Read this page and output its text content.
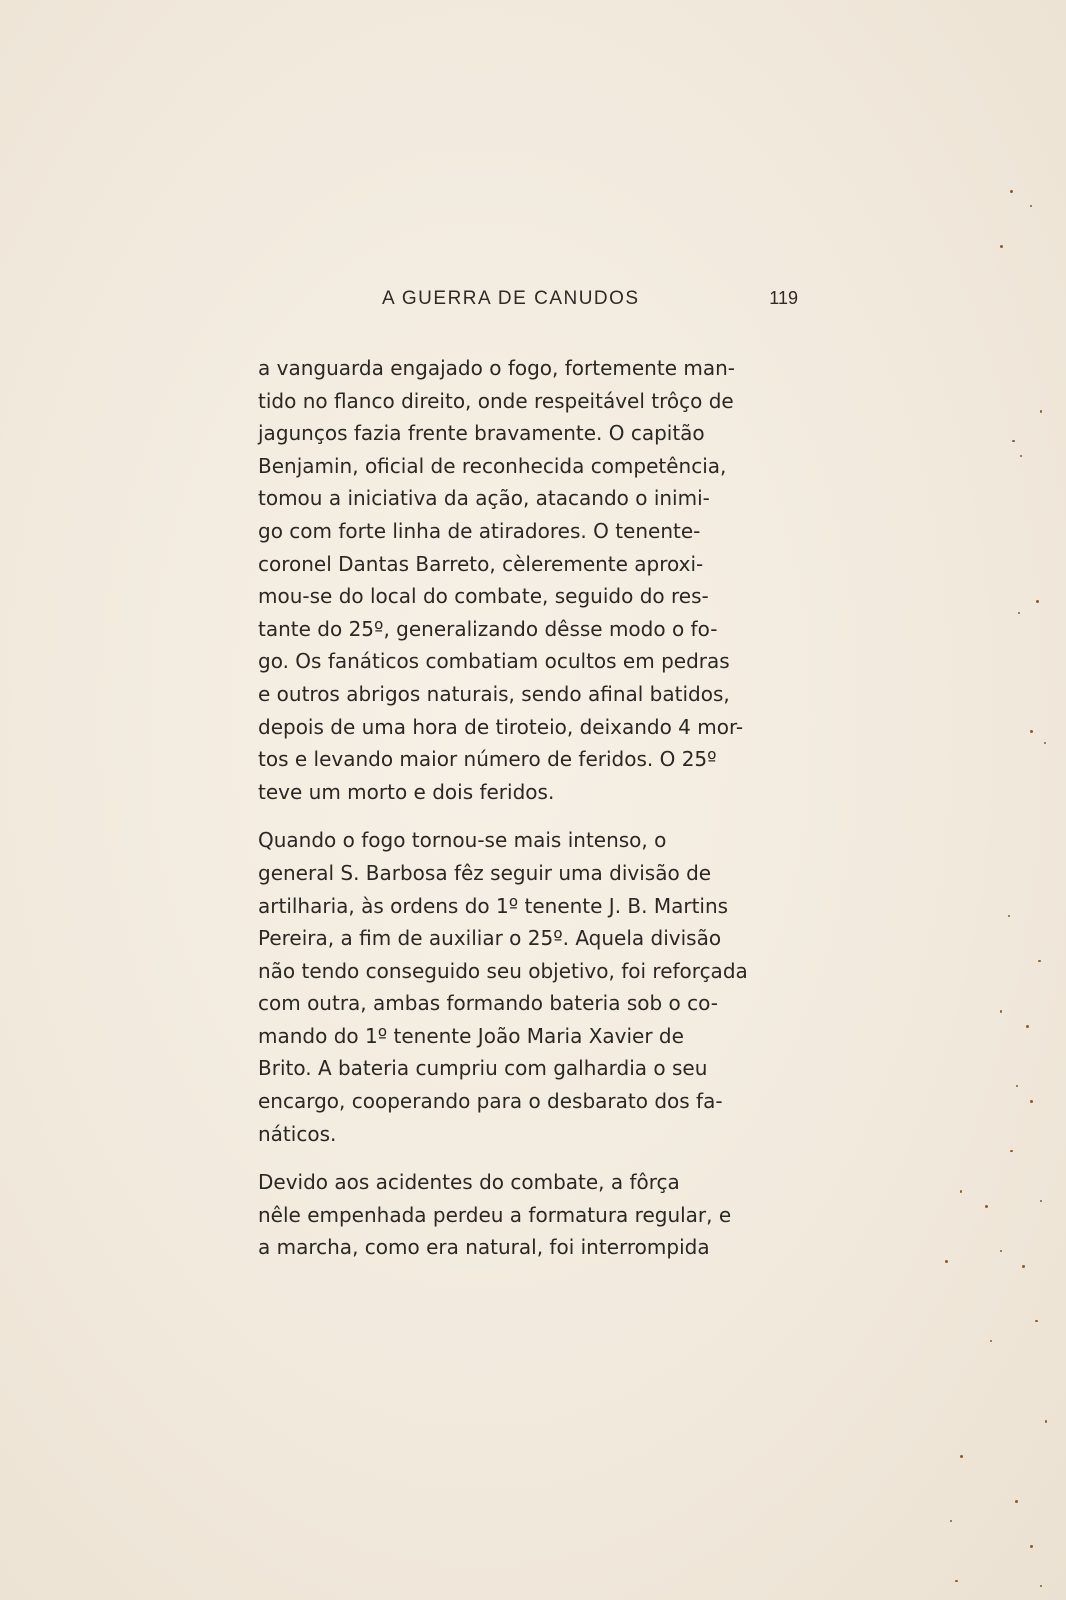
A GUERRA DE CANUDOS	119

a vanguarda engajado o fogo, fortemente man-
tido no flanco direito, onde respeitável trôço de
jagunços fazia frente bravamente. O capitão
Benjamin, oficial de reconhecida competência,
tomou a iniciativa da ação, atacando o inimi-
go com forte linha de atiradores. O tenente-
coronel Dantas Barreto, cèleremente aproxi-
mou-se do local do combate, seguido do res-
tante do 25º, generalizando dêsse modo o fo-
go. Os fanáticos combatiam ocultos em pedras
e outros abrigos naturais, sendo afinal batidos,
depois de uma hora de tiroteio, deixando 4 mor-
tos e levando maior número de feridos. O 25º
teve um morto e dois feridos.

Quando o fogo tornou-se mais intenso, o
general S. Barbosa fêz seguir uma divisão de
artilharia, às ordens do 1º tenente J. B. Martins
Pereira, a fim de auxiliar o 25º. Aquela divisão
não tendo conseguido seu objetivo, foi reforçada
com outra, ambas formando bateria sob o co-
mando do 1º tenente João Maria Xavier de
Brito. A bateria cumpriu com galhardia o seu
encargo, cooperando para o desbarato dos fa-
náticos.

Devido aos acidentes do combate, a fôrça
nêle empenhada perdeu a formatura regular, e
a marcha, como era natural, foi interrompida
